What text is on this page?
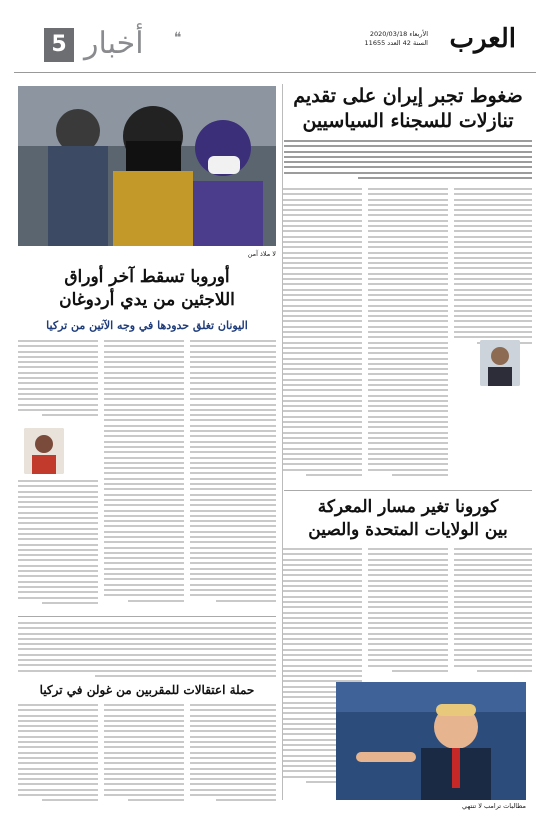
5 أخبار ❝	العرب
الأربعاء 2020/03/18
السنة 42 العدد 11655
ضغوط تجبر إيران على تقديم
تنازلات للسجناء السياسيين
لا ملاذ آمن
أوروبا تسقط آخر أوراق
اللاجئين من يدي أردوغان
اليونان تغلق حدودها في وجه الآتين من تركيا
كورونا تغير مسار المعركة
بين الولايات المتحدة والصين
مطالبات ترامب لا تنتهي
حملة اعتقالات للمقربين من غولن في تركيا
